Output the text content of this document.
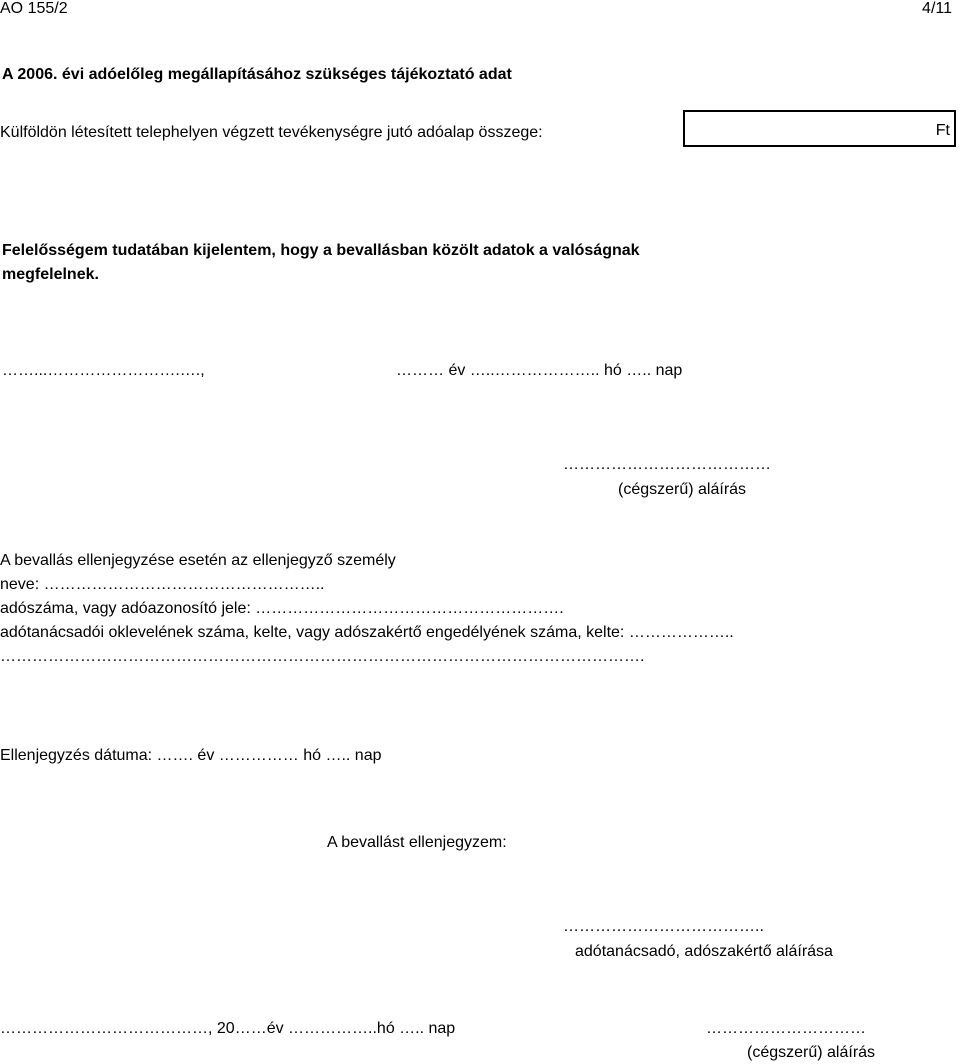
AO 155/2	4/11
A 2006. évi adóelőleg megállapításához szükséges tájékoztató adat
Külföldön létesített telephelyen végzett tevékenységre jutó adóalap összege:	Ft
Felelősségem tudatában kijelentem, hogy a bevallásban közölt adatok a valóságnak
megfelelnek.
……...…………………….….,	……… év …..……………….. hó ….. nap
…………………………………
(cégszerű) aláírás
A bevallás ellenjegyzése esetén az ellenjegyző személy
neve: ……………………………………………..
adószáma, vagy adóazonosító jele: ………………………………………………….
adótanácsadói oklevelének száma, kelte, vagy adószakértő engedélyének száma, kelte: ………………..
………………………………………………………………………………………………………….
Ellenjegyzés dátuma: ……. év …………… hó ….. nap
A bevallást ellenjegyzem:
………………………………..
adótanácsadó, adószakértő aláírása
…………………………………, 20……év ……………..hó ….. nap	…………………………
(cégszerű) aláírás
